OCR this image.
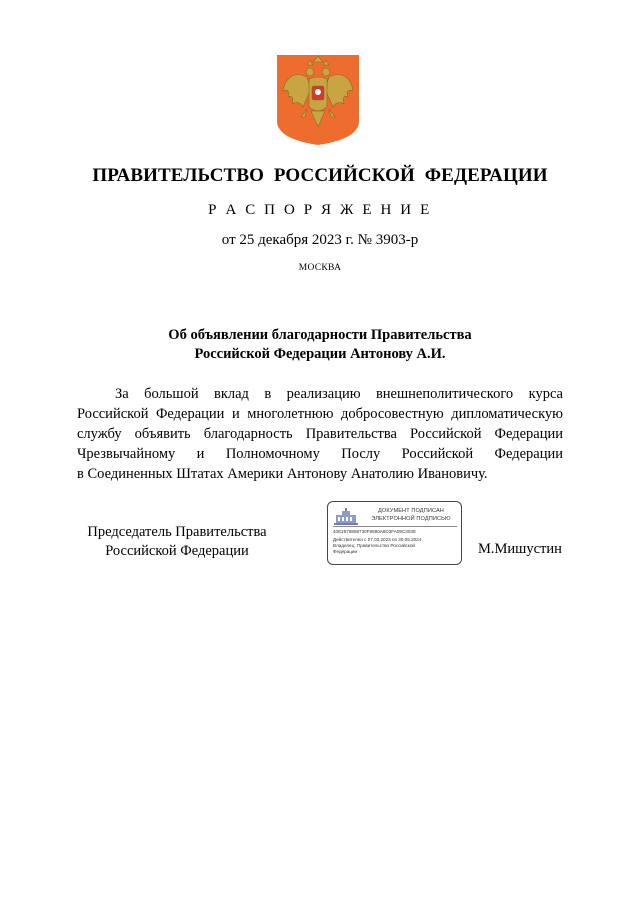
ПРАВИТЕЛЬСТВО РОССИЙСКОЙ ФЕДЕРАЦИИ
Р А С П О Р Я Ж Е Н И Е
от 25 декабря 2023 г. № 3903-р
МОСКВА
Об объявлении благодарности Правительства
Российской Федерации Антонову А.И.
За большой вклад в реализацию внешнеполитического курса
Российской Федерации и многолетнюю добросовестную дипломатическую
службу объявить благодарность Правительства Российской Федерации
Чрезвычайному и Полномочному Послу Российской Федерации
в Соединенных Штатах Америки Антонову Анатолию Ивановичу.
Председатель Правительства
Российской Федерации
ДОКУМЕНТ ПОДПИСАН
ЭЛЕКТРОННОЙ ПОДПИСЬЮ
40E2578888730F8880A6D3FA09C3038
Действителен с 07.03.2023 по 30.05.2024
Владелец: Правительство Российской Федерации	М.Мишустин
